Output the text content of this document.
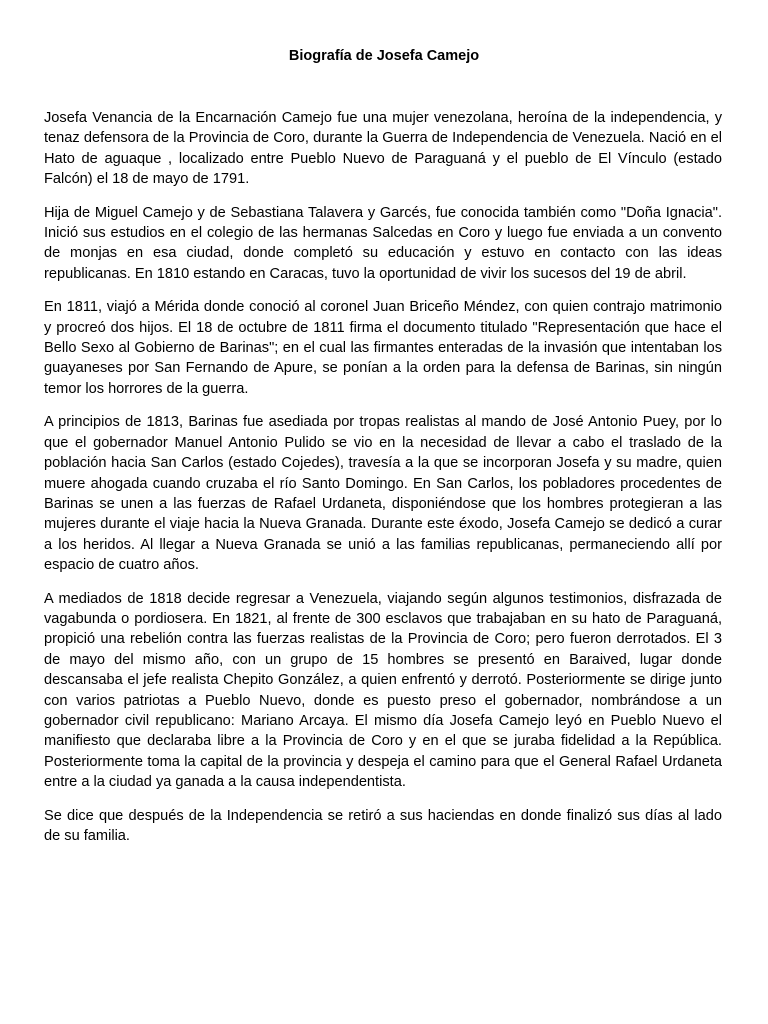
Biografía de Josefa Camejo

Josefa Venancia de la Encarnación Camejo fue una mujer venezolana, heroína de la independencia, y tenaz defensora de la Provincia de Coro, durante la Guerra de Independencia de Venezuela. Nació en el Hato de aguaque , localizado entre Pueblo Nuevo de Paraguaná y el pueblo de El Vínculo (estado Falcón) el 18 de mayo de 1791.

Hija de Miguel Camejo y de Sebastiana Talavera y Garcés, fue conocida también como "Doña Ignacia". Inició sus estudios en el colegio de las hermanas Salcedas en Coro y luego fue enviada a un convento de monjas en esa ciudad, donde completó su educación y estuvo en contacto con las ideas republicanas. En 1810 estando en Caracas, tuvo la oportunidad de vivir los sucesos del 19 de abril.

En 1811, viajó a Mérida donde conoció al coronel Juan Briceño Méndez, con quien contrajo matrimonio y procreó dos hijos. El 18 de octubre de 1811 firma el documento titulado "Representación que hace el Bello Sexo al Gobierno de Barinas"; en el cual las firmantes enteradas de la invasión que intentaban los guayaneses por San Fernando de Apure, se ponían a la orden para la defensa de Barinas, sin ningún temor los horrores de la guerra.

A principios de 1813, Barinas fue asediada por tropas realistas al mando de José Antonio Puey, por lo que el gobernador Manuel Antonio Pulido se vio en la necesidad de llevar a cabo el traslado de la población hacia San Carlos (estado Cojedes), travesía a la que se incorporan Josefa y su madre, quien muere ahogada cuando cruzaba el río Santo Domingo. En San Carlos, los pobladores procedentes de Barinas se unen a las fuerzas de Rafael Urdaneta, disponiéndose que los hombres protegieran a las mujeres durante el viaje hacia la Nueva Granada. Durante este éxodo, Josefa Camejo se dedicó a curar a los heridos. Al llegar a Nueva Granada se unió a las familias republicanas, permaneciendo allí por espacio de cuatro años.

A mediados de 1818 decide regresar a Venezuela, viajando según algunos testimonios, disfrazada de vagabunda o pordiosera. En 1821, al frente de 300 esclavos que trabajaban en su hato de Paraguaná, propició una rebelión contra las fuerzas realistas de la Provincia de Coro; pero fueron derrotados. El 3 de mayo del mismo año, con un grupo de 15 hombres se presentó en Baraived, lugar donde descansaba el jefe realista Chepito González, a quien enfrentó y derrotó. Posteriormente se dirige junto con varios patriotas a Pueblo Nuevo, donde es puesto preso el gobernador, nombrándose a un gobernador civil republicano: Mariano Arcaya. El mismo día Josefa Camejo leyó en Pueblo Nuevo el manifiesto que declaraba libre a la Provincia de Coro y en el que se juraba fidelidad a la República. Posteriormente toma la capital de la provincia y despeja el camino para que el General Rafael Urdaneta entre a la ciudad ya ganada a la causa independentista.

Se dice que después de la Independencia se retiró a sus haciendas en donde finalizó sus días al lado de su familia.
